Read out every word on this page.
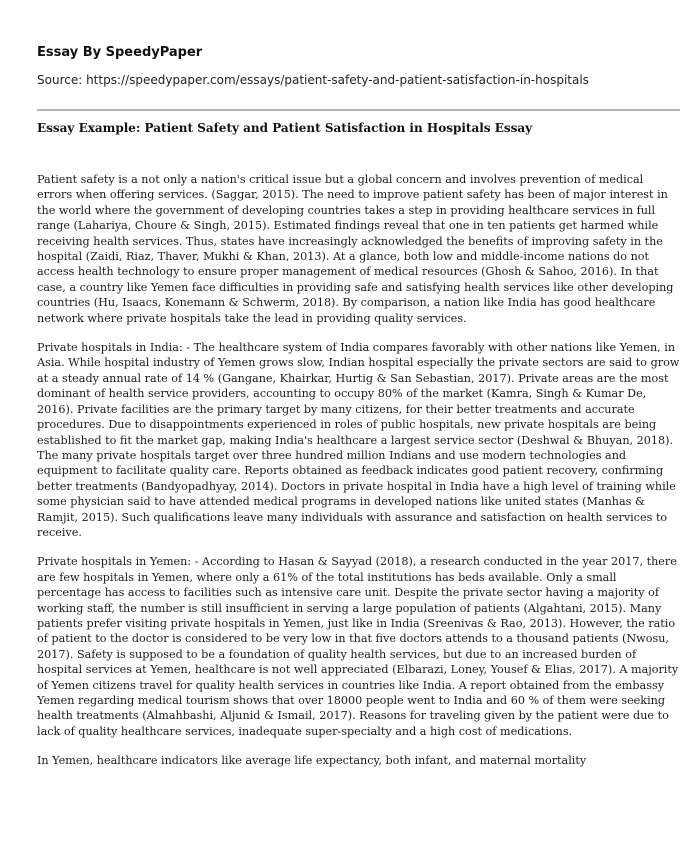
Essay By SpeedyPaper
Source: https://speedypaper.com/essays/patient-safety-and-patient-satisfaction-in-hospitals
Essay Example: Patient Safety and Patient Satisfaction in Hospitals Essay

Patient safety is a not only a nation's critical issue but a global concern and involves prevention of medical errors when offering services. (Saggar, 2015). The need to improve patient safety has been of major interest in the world where the government of developing countries takes a step in providing healthcare services in full range (Lahariya, Choure & Singh, 2015). Estimated findings reveal that one in ten patients get harmed while receiving health services. Thus, states have increasingly acknowledged the benefits of improving safety in the hospital (Zaidi, Riaz, Thaver, Mukhi & Khan, 2013). At a glance, both low and middle-income nations do not access health technology to ensure proper management of medical resources (Ghosh & Sahoo, 2016). In that case, a country like Yemen face difficulties in providing safe and satisfying health services like other developing countries (Hu, Isaacs, Konemann & Schwerm, 2018). By comparison, a nation like India has good healthcare network where private hospitals take the lead in providing quality services.

Private hospitals in India: - The healthcare system of India compares favorably with other nations like Yemen, in Asia. While hospital industry of Yemen grows slow, Indian hospital especially the private sectors are said to grow at a steady annual rate of 14 % (Gangane, Khairkar, Hurtig & San Sebastian, 2017). Private areas are the most dominant of health service providers, accounting to occupy 80% of the market (Kamra, Singh & Kumar De, 2016). Private facilities are the primary target by many citizens, for their better treatments and accurate procedures. Due to disappointments experienced in roles of public hospitals, new private hospitals are being established to fit the market gap, making India's healthcare a largest service sector (Deshwal & Bhuyan, 2018). The many private hospitals target over three hundred million Indians and use modern technologies and equipment to facilitate quality care. Reports obtained as feedback indicates good patient recovery, confirming better treatments (Bandyopadhyay, 2014). Doctors in private hospital in India have a high level of training while some physician said to have attended medical programs in developed nations like united states (Manhas & Ramjit, 2015). Such qualifications leave many individuals with assurance and satisfaction on health services to receive.

Private hospitals in Yemen: - According to Hasan & Sayyad (2018), a research conducted in the year 2017, there are few hospitals in Yemen, where only a 61% of the total institutions has beds available. Only a small percentage has access to facilities such as intensive care unit. Despite the private sector having a majority of working staff, the number is still insufficient in serving a large population of patients (Algahtani, 2015). Many patients prefer visiting private hospitals in Yemen, just like in India (Sreenivas & Rao, 2013). However, the ratio of patient to the doctor is considered to be very low in that five doctors attends to a thousand patients (Nwosu, 2017). Safety is supposed to be a foundation of quality health services, but due to an increased burden of hospital services at Yemen, healthcare is not well appreciated (Elbarazi, Loney, Yousef & Elias, 2017). A majority of Yemen citizens travel for quality health services in countries like India. A report obtained from the embassy Yemen regarding medical tourism shows that over 18000 people went to India and 60 % of them were seeking health treatments (Almahbashi, Aljunid & Ismail, 2017). Reasons for traveling given by the patient were due to lack of quality healthcare services, inadequate super-specialty and a high cost of medications.

In Yemen, healthcare indicators like average life expectancy, both infant, and maternal mortality
